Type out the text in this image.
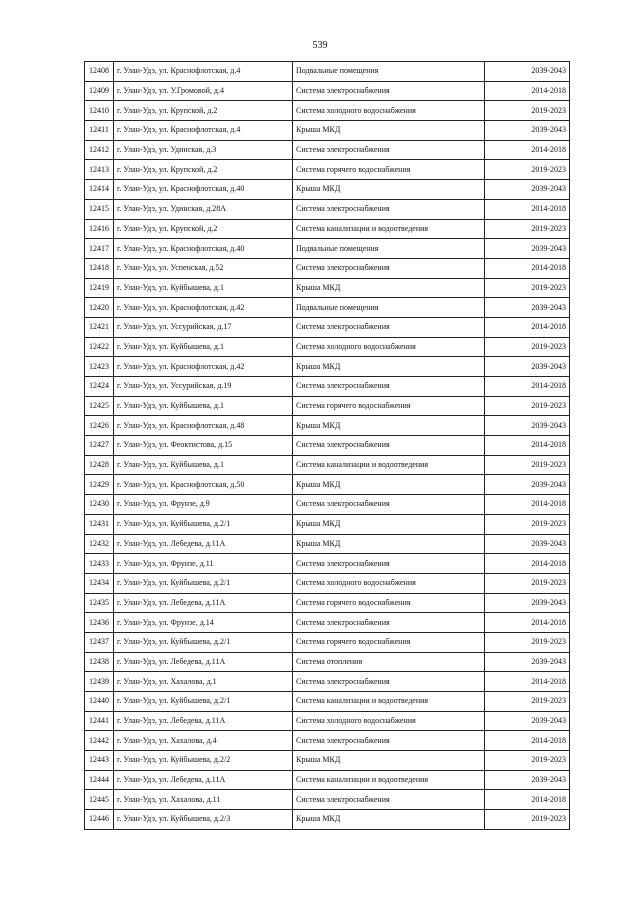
539
12408	г. Улан-Удэ, ул. Краснофлотская, д.4	Подвальные помещения	2039-2043
12409	г. Улан-Удэ, ул. У.Громовой, д.4	Система электроснабжения	2014-2018
12410	г. Улан-Удэ, ул. Крупской, д.2	Система холодного водоснабжения	2019-2023
12411	г. Улан-Удэ, ул. Краснофлотская, д.4	Крыша МКД	2039-2043
12412	г. Улан-Удэ, ул. Удинская, д.3	Система электроснабжения	2014-2018
12413	г. Улан-Удэ, ул. Крупской, д.2	Система горячего водоснабжения	2019-2023
12414	г. Улан-Удэ, ул. Краснофлотская, д.40	Крыша МКД	2039-2043
12415	г. Улан-Удэ, ул. Удинская, д.28А	Система электроснабжения	2014-2018
12416	г. Улан-Удэ, ул. Крупской, д.2	Система канализации и водоотведения	2019-2023
12417	г. Улан-Удэ, ул. Краснофлотская, д.40	Подвальные помещения	2039-2043
12418	г. Улан-Удэ, ул. Успенская, д.52	Система электроснабжения	2014-2018
12419	г. Улан-Удэ, ул. Куйбышева, д.1	Крыша МКД	2019-2023
12420	г. Улан-Удэ, ул. Краснофлотская, д.42	Подвальные помещения	2039-2043
12421	г. Улан-Удэ, ул. Уссурийская, д.17	Система электроснабжения	2014-2018
12422	г. Улан-Удэ, ул. Куйбышева, д.1	Система холодного водоснабжения	2019-2023
12423	г. Улан-Удэ, ул. Краснофлотская, д.42	Крыша МКД	2039-2043
12424	г. Улан-Удэ, ул. Уссурийская, д.19	Система электроснабжения	2014-2018
12425	г. Улан-Удэ, ул. Куйбышева, д.1	Система горячего водоснабжения	2019-2023
12426	г. Улан-Удэ, ул. Краснофлотская, д.48	Крыша МКД	2039-2043
12427	г. Улан-Удэ, ул. Феоктистова, д.15	Система электроснабжения	2014-2018
12428	г. Улан-Удэ, ул. Куйбышева, д.1	Система канализации и водоотведения	2019-2023
12429	г. Улан-Удэ, ул. Краснофлотская, д.50	Крыша МКД	2039-2043
12430	г. Улан-Удэ, ул. Фрунзе, д.9	Система электроснабжения	2014-2018
12431	г. Улан-Удэ, ул. Куйбышева, д.2/1	Крыша МКД	2019-2023
12432	г. Улан-Удэ, ул. Лебедева, д.11А	Крыша МКД	2039-2043
12433	г. Улан-Удэ, ул. Фрунзе, д.11	Система электроснабжения	2014-2018
12434	г. Улан-Удэ, ул. Куйбышева, д.2/1	Система холодного водоснабжения	2019-2023
12435	г. Улан-Удэ, ул. Лебедева, д.11А	Система горячего водоснабжения	2039-2043
12436	г. Улан-Удэ, ул. Фрунзе, д.14	Система электроснабжения	2014-2018
12437	г. Улан-Удэ, ул. Куйбышева, д.2/1	Система горячего водоснабжения	2019-2023
12438	г. Улан-Удэ, ул. Лебедева, д.11А	Система отопления	2039-2043
12439	г. Улан-Удэ, ул. Хахалова, д.1	Система электроснабжения	2014-2018
12440	г. Улан-Удэ, ул. Куйбышева, д.2/1	Система канализации и водоотведения	2019-2023
12441	г. Улан-Удэ, ул. Лебедева, д.11А	Система холодного водоснабжения	2039-2043
12442	г. Улан-Удэ, ул. Хахалова, д.4	Система электроснабжения	2014-2018
12443	г. Улан-Удэ, ул. Куйбышева, д.2/2	Крыша МКД	2019-2023
12444	г. Улан-Удэ, ул. Лебедева, д.11А	Система канализации и водоотведения	2039-2043
12445	г. Улан-Удэ, ул. Хахалова, д.11	Система электроснабжения	2014-2018
12446	г. Улан-Удэ, ул. Куйбышева, д.2/3	Крыша МКД	2019-2023
